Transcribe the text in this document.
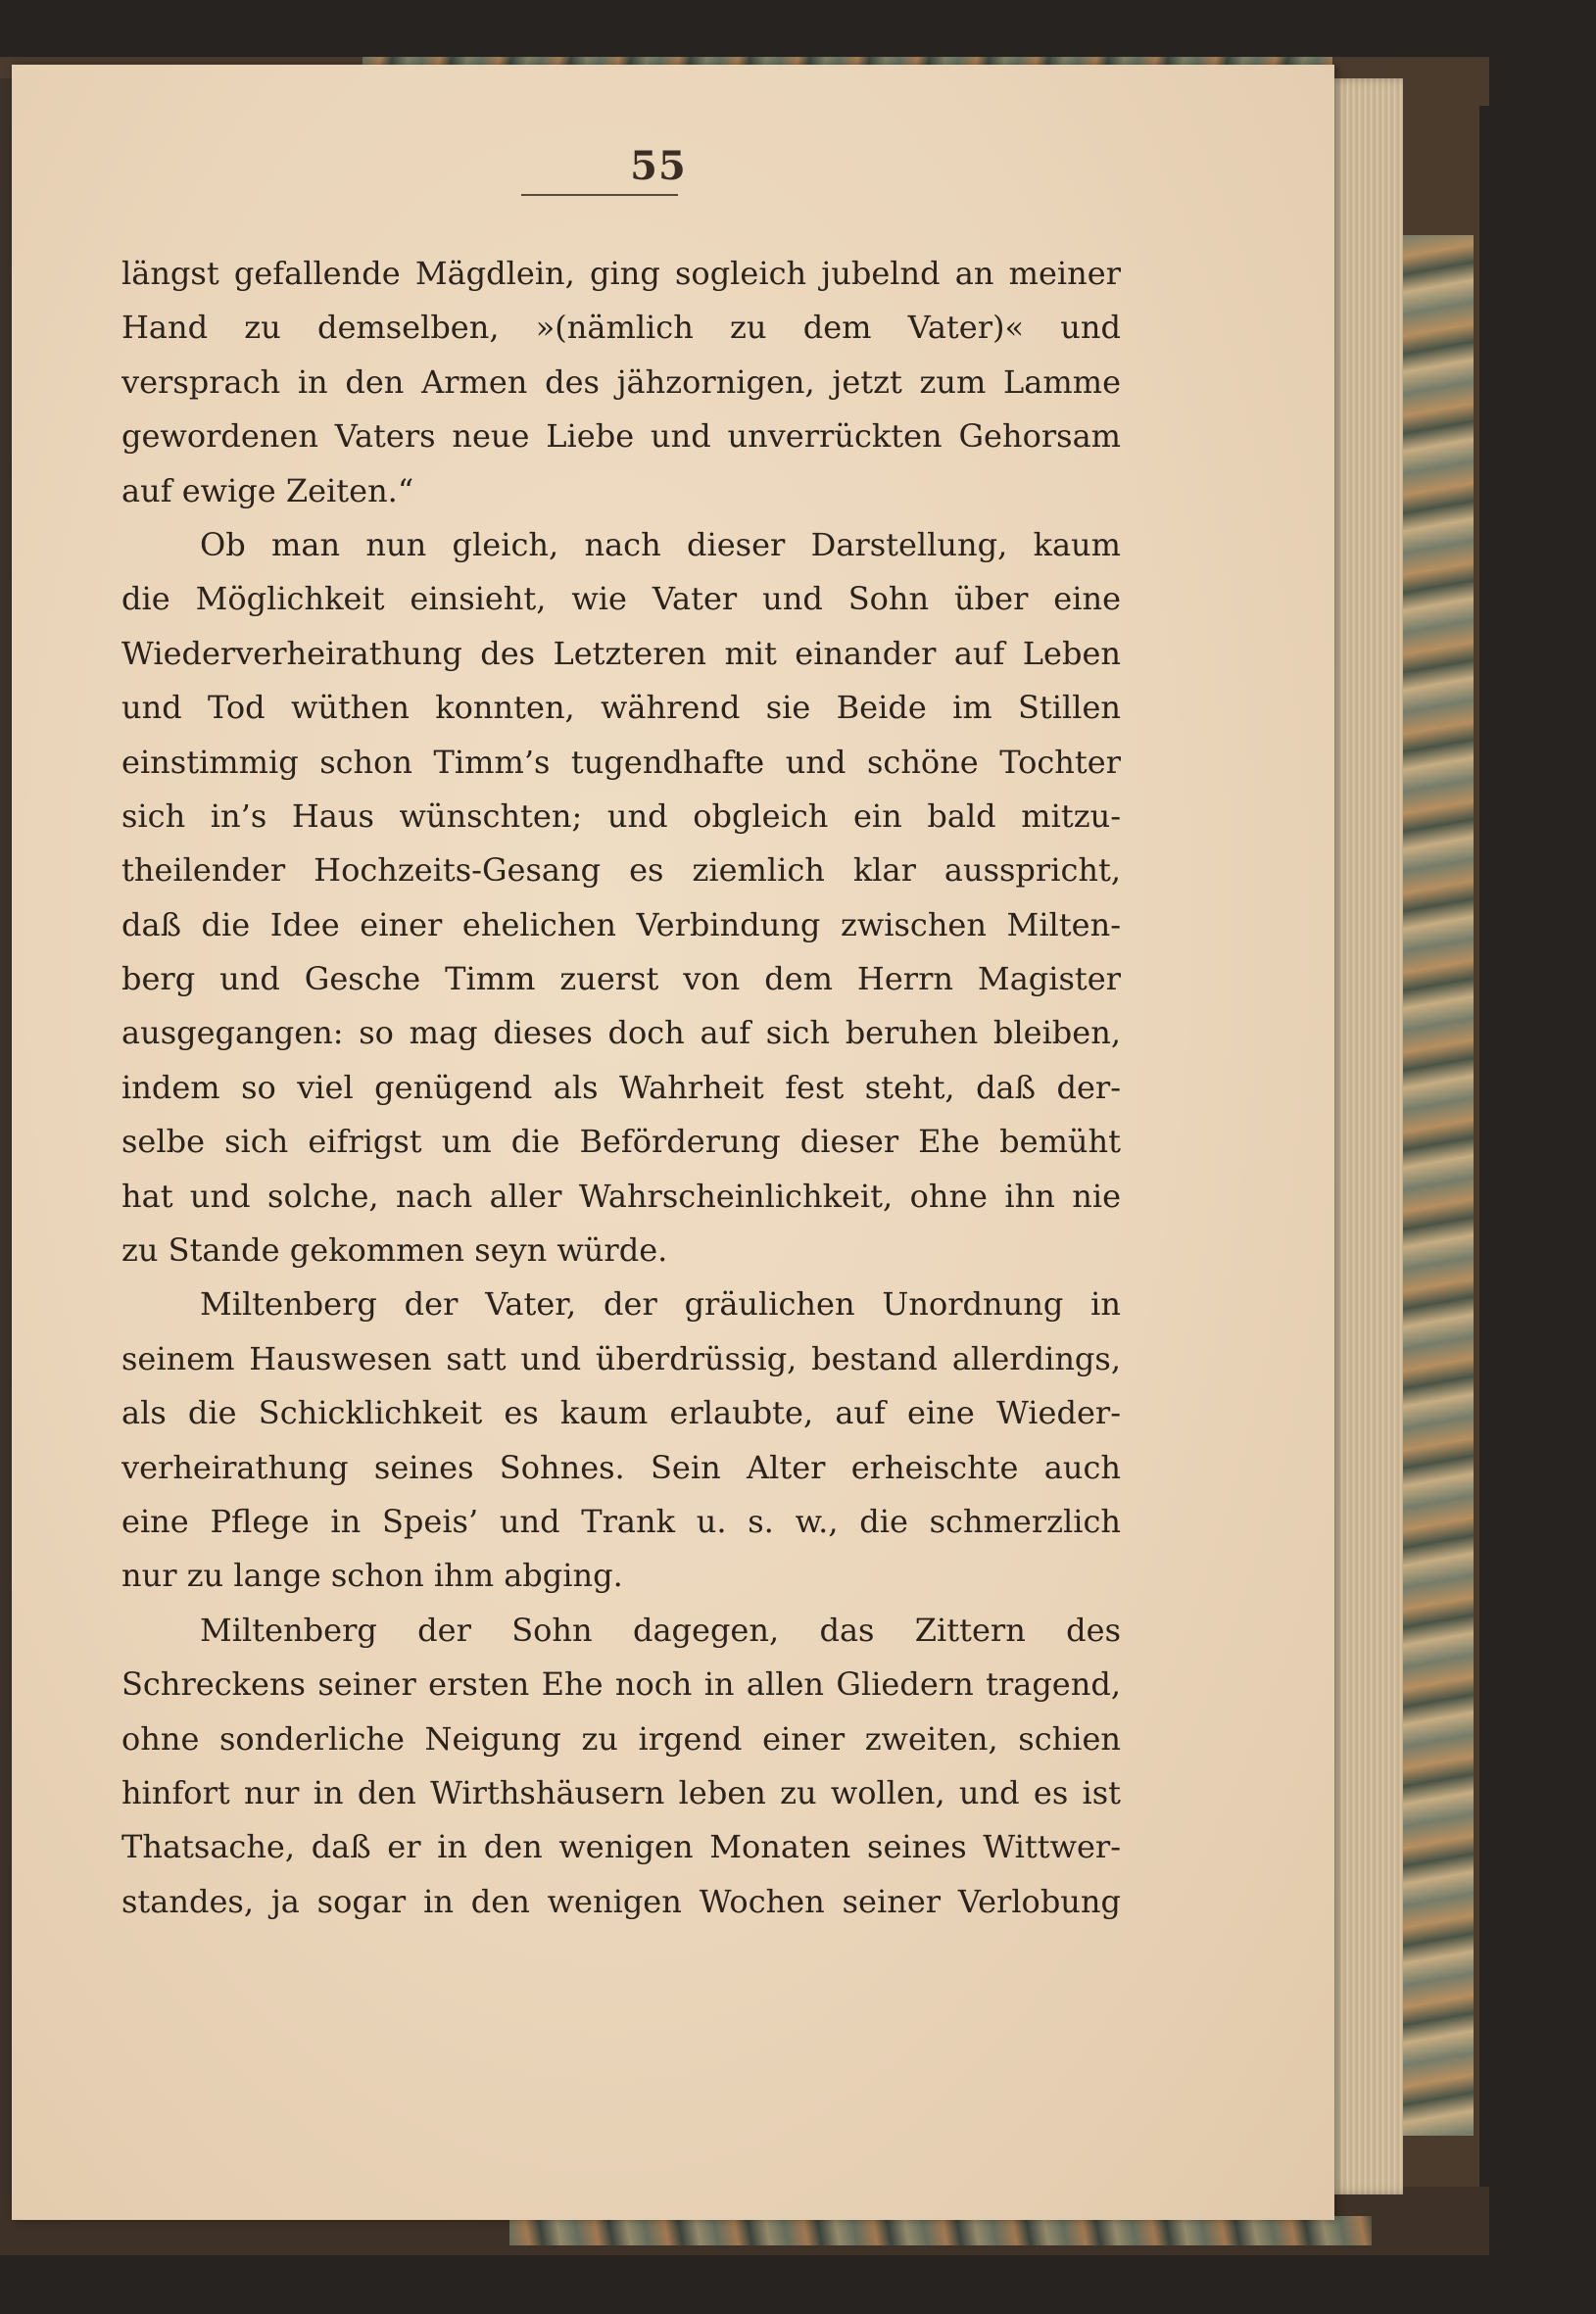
55
längst gefallende Mägdlein, ging sogleich jubelnd an meiner
Hand zu demselben, »(nämlich zu dem Vater)« und
versprach in den Armen des jähzornigen, jetzt zum Lamme
gewordenen Vaters neue Liebe und unverrückten Gehorsam
auf ewige Zeiten.“
Ob man nun gleich, nach dieser Darstellung, kaum
die Möglichkeit einsieht, wie Vater und Sohn über eine
Wiederverheirathung des Letzteren mit einander auf Leben
und Tod wüthen konnten, während sie Beide im Stillen
einstimmig schon Timm’s tugendhafte und schöne Tochter
sich in’s Haus wünschten; und obgleich ein bald mitzu-
theilender Hochzeits-Gesang es ziemlich klar ausspricht,
daß die Idee einer ehelichen Verbindung zwischen Milten-
berg und Gesche Timm zuerst von dem Herrn Magister
ausgegangen: so mag dieses doch auf sich beruhen bleiben,
indem so viel genügend als Wahrheit fest steht, daß der-
selbe sich eifrigst um die Beförderung dieser Ehe bemüht
hat und solche, nach aller Wahrscheinlichkeit, ohne ihn nie
zu Stande gekommen seyn würde.
Miltenberg der Vater, der gräulichen Unordnung in
seinem Hauswesen satt und überdrüssig, bestand allerdings,
als die Schicklichkeit es kaum erlaubte, auf eine Wieder-
verheirathung seines Sohnes. Sein Alter erheischte auch
eine Pflege in Speis’ und Trank u. s. w., die schmerzlich
nur zu lange schon ihm abging.
Miltenberg der Sohn dagegen, das Zittern des
Schreckens seiner ersten Ehe noch in allen Gliedern tragend,
ohne sonderliche Neigung zu irgend einer zweiten, schien
hinfort nur in den Wirthshäusern leben zu wollen, und es ist
Thatsache, daß er in den wenigen Monaten seines Wittwer-
standes, ja sogar in den wenigen Wochen seiner Verlobung
